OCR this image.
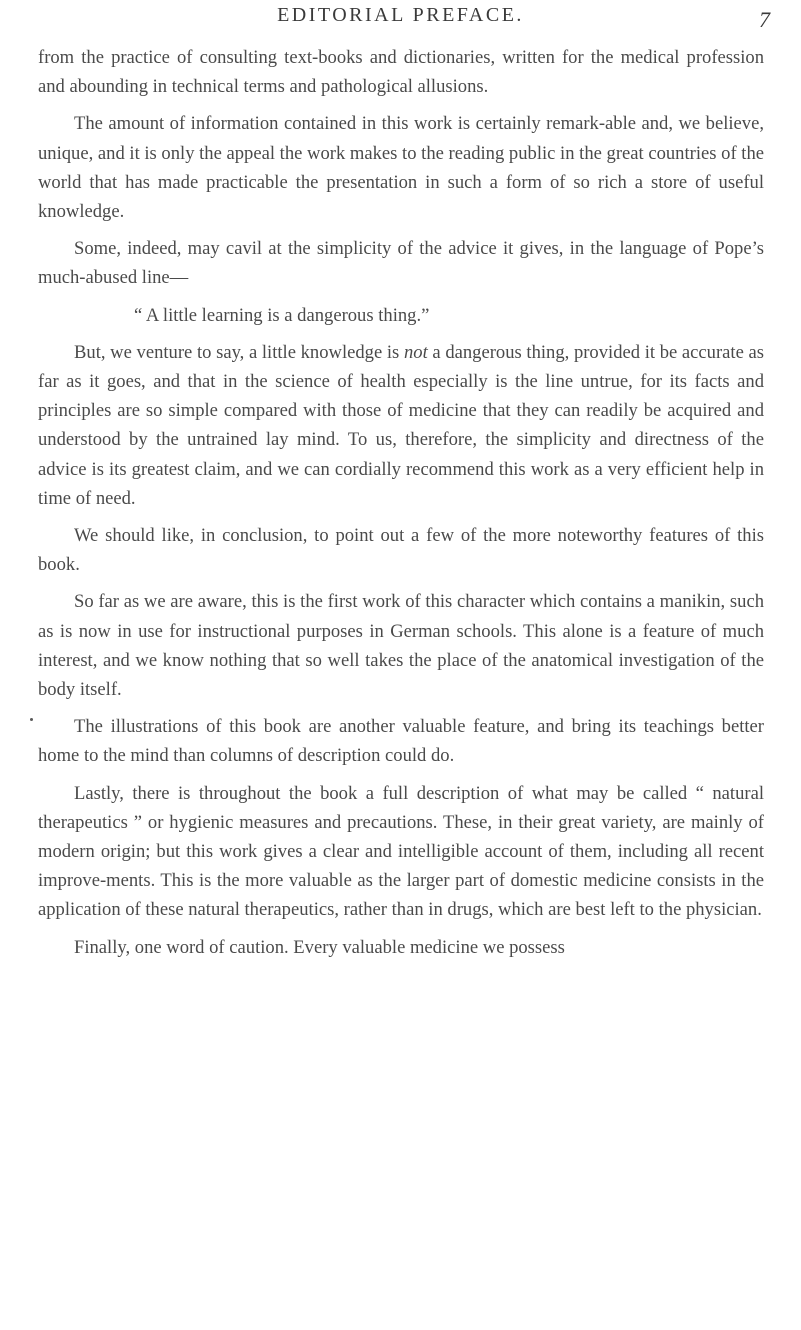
EDITORIAL PREFACE.	7

from the practice of consulting text-books and dictionaries, written for the medical profession and abounding in technical terms and pathological allusions.

The amount of information contained in this work is certainly remark-able and, we believe, unique, and it is only the appeal the work makes to the reading public in the great countries of the world that has made practicable the presentation in such a form of so rich a store of useful knowledge.

Some, indeed, may cavil at the simplicity of the advice it gives, in the language of Pope’s much-abused line—

“ A little learning is a dangerous thing.”

But, we venture to say, a little knowledge is not a dangerous thing, provided it be accurate as far as it goes, and that in the science of health especially is the line untrue, for its facts and principles are so simple compared with those of medicine that they can readily be acquired and understood by the untrained lay mind. To us, therefore, the simplicity and directness of the advice is its greatest claim, and we can cordially recommend this work as a very efficient help in time of need.

We should like, in conclusion, to point out a few of the more noteworthy features of this book.

So far as we are aware, this is the first work of this character which contains a manikin, such as is now in use for instructional purposes in German schools. This alone is a feature of much interest, and we know nothing that so well takes the place of the anatomical investigation of the body itself.

The illustrations of this book are another valuable feature, and bring its teachings better home to the mind than columns of description could do.

Lastly, there is throughout the book a full description of what may be called “ natural therapeutics ” or hygienic measures and precautions. These, in their great variety, are mainly of modern origin; but this work gives a clear and intelligible account of them, including all recent improve-ments. This is the more valuable as the larger part of domestic medicine consists in the application of these natural therapeutics, rather than in drugs, which are best left to the physician.

Finally, one word of caution. Every valuable medicine we possess
